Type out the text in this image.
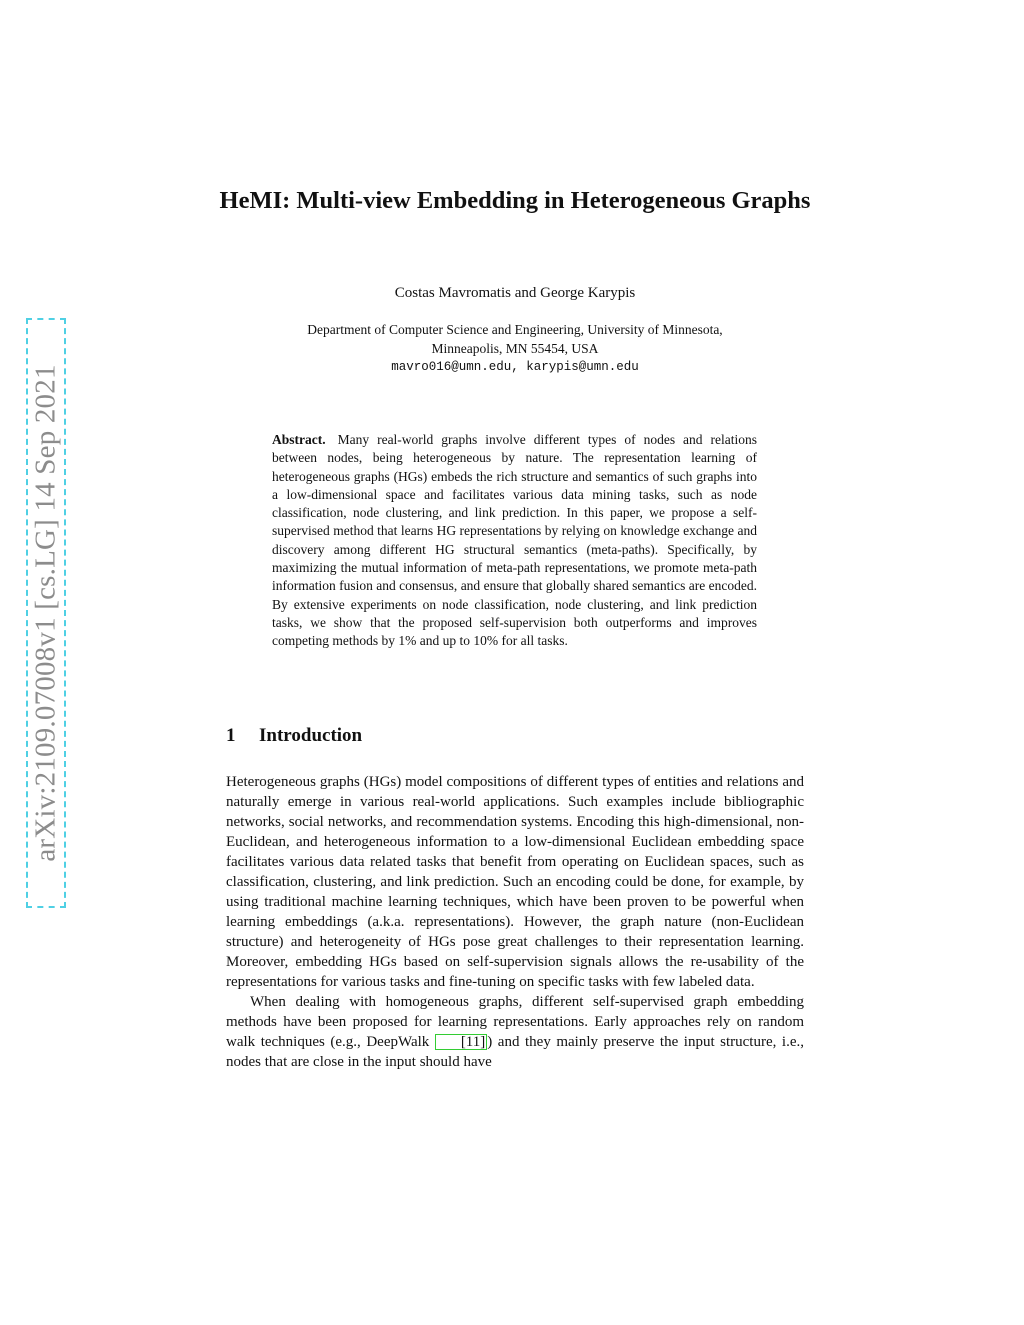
arXiv:2109.07008v1 [cs.LG] 14 Sep 2021
HeMI: Multi-view Embedding in Heterogeneous Graphs
Costas Mavromatis and George Karypis
Department of Computer Science and Engineering, University of Minnesota,
Minneapolis, MN 55454, USA
mavro016@umn.edu, karypis@umn.edu
Abstract. Many real-world graphs involve different types of nodes and relations between nodes, being heterogeneous by nature. The representation learning of heterogeneous graphs (HGs) embeds the rich structure and semantics of such graphs into a low-dimensional space and facilitates various data mining tasks, such as node classification, node clustering, and link prediction. In this paper, we propose a self-supervised method that learns HG representations by relying on knowledge exchange and discovery among different HG structural semantics (meta-paths). Specifically, by maximizing the mutual information of meta-path representations, we promote meta-path information fusion and consensus, and ensure that globally shared semantics are encoded. By extensive experiments on node classification, node clustering, and link prediction tasks, we show that the proposed self-supervision both outperforms and improves competing methods by 1% and up to 10% for all tasks.
1 Introduction

Heterogeneous graphs (HGs) model compositions of different types of entities and relations and naturally emerge in various real-world applications. Such examples include bibliographic networks, social networks, and recommendation systems. Encoding this high-dimensional, non-Euclidean, and heterogeneous information to a low-dimensional Euclidean embedding space facilitates various data related tasks that benefit from operating on Euclidean spaces, such as classification, clustering, and link prediction. Such an encoding could be done, for example, by using traditional machine learning techniques, which have been proven to be powerful when learning embeddings (a.k.a. representations). However, the graph nature (non-Euclidean structure) and heterogeneity of HGs pose great challenges to their representation learning. Moreover, embedding HGs based on self-supervision signals allows the re-usability of the representations for various tasks and fine-tuning on specific tasks with few labeled data.

When dealing with homogeneous graphs, different self-supervised graph embedding methods have been proposed for learning representations. Early approaches rely on random walk techniques (e.g., DeepWalk [11] ) and they mainly preserve the input structure, i.e., nodes that are close in the input should have
